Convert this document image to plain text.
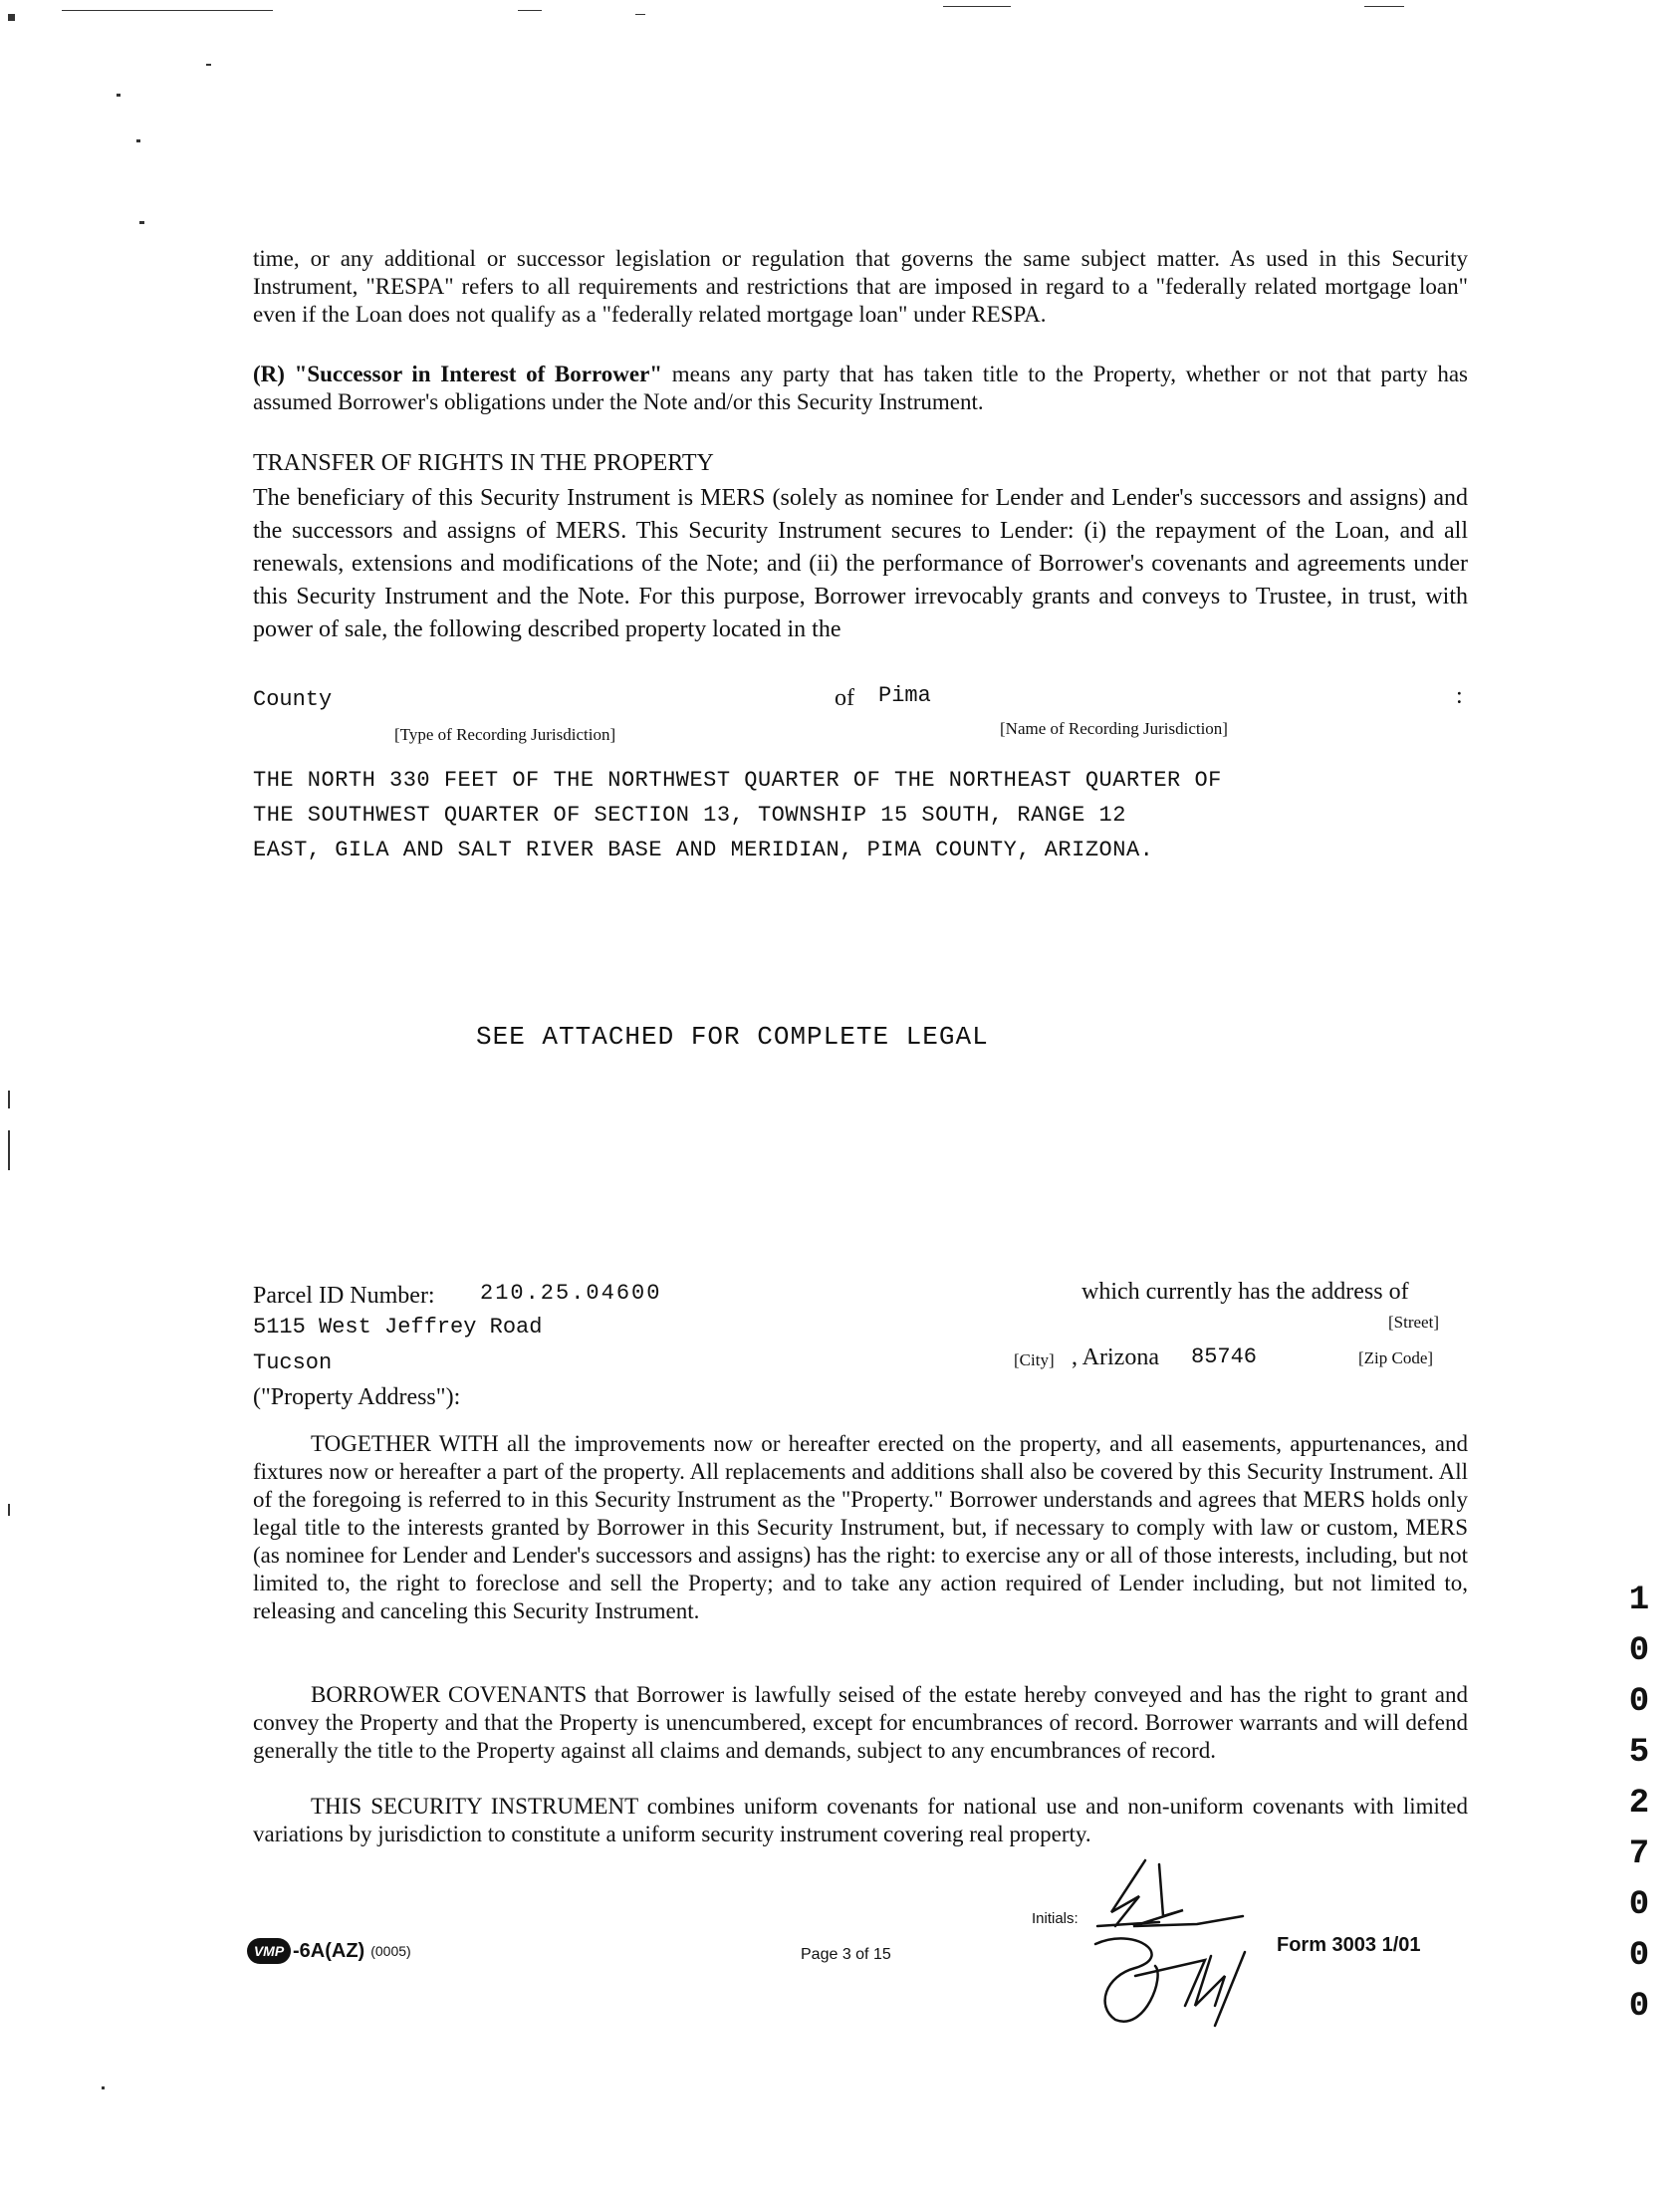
time, or any additional or successor legislation or regulation that governs the same subject matter. As used in this Security Instrument, "RESPA" refers to all requirements and restrictions that are imposed in regard to a "federally related mortgage loan" even if the Loan does not qualify as a "federally related mortgage loan" under RESPA.
(R) "Successor in Interest of Borrower" means any party that has taken title to the Property, whether or not that party has assumed Borrower's obligations under the Note and/or this Security Instrument.
TRANSFER OF RIGHTS IN THE PROPERTY
The beneficiary of this Security Instrument is MERS (solely as nominee for Lender and Lender's successors and assigns) and the successors and assigns of MERS. This Security Instrument secures to Lender: (i) the repayment of the Loan, and all renewals, extensions and modifications of the Note; and (ii) the performance of Borrower's covenants and agreements under this Security Instrument and the Note. For this purpose, Borrower irrevocably grants and conveys to Trustee, in trust, with power of sale, the following described property located in the
County	of Pima	:
[Type of Recording Jurisdiction]	[Name of Recording Jurisdiction]
THE NORTH 330 FEET OF THE NORTHWEST QUARTER OF THE NORTHEAST QUARTER OF
THE SOUTHWEST QUARTER OF SECTION 13, TOWNSHIP 15 SOUTH, RANGE 12
EAST, GILA AND SALT RIVER BASE AND MERIDIAN, PIMA COUNTY, ARIZONA.
SEE ATTACHED FOR COMPLETE LEGAL
Parcel ID Number: 210.25.04600	which currently has the address of
5115 West Jeffrey Road	[Street]
Tucson	[City] , Arizona 85746	[Zip Code]
("Property Address"):
TOGETHER WITH all the improvements now or hereafter erected on the property, and all easements, appurtenances, and fixtures now or hereafter a part of the property. All replacements and additions shall also be covered by this Security Instrument. All of the foregoing is referred to in this Security Instrument as the "Property." Borrower understands and agrees that MERS holds only legal title to the interests granted by Borrower in this Security Instrument, but, if necessary to comply with law or custom, MERS (as nominee for Lender and Lender's successors and assigns) has the right: to exercise any or all of those interests, including, but not limited to, the right to foreclose and sell the Property; and to take any action required of Lender including, but not limited to, releasing and canceling this Security Instrument.
BORROWER COVENANTS that Borrower is lawfully seised of the estate hereby conveyed and has the right to grant and convey the Property and that the Property is unencumbered, except for encumbrances of record. Borrower warrants and will defend generally the title to the Property against all claims and demands, subject to any encumbrances of record.
THIS SECURITY INSTRUMENT combines uniform covenants for national use and non-uniform covenants with limited variations by jurisdiction to constitute a uniform security instrument covering real property.
VMP -6A(AZ) (0005)	Page 3 of 15
Initials:
Form 3003 1/01
1
0
0
5
2
7
0
0
0
